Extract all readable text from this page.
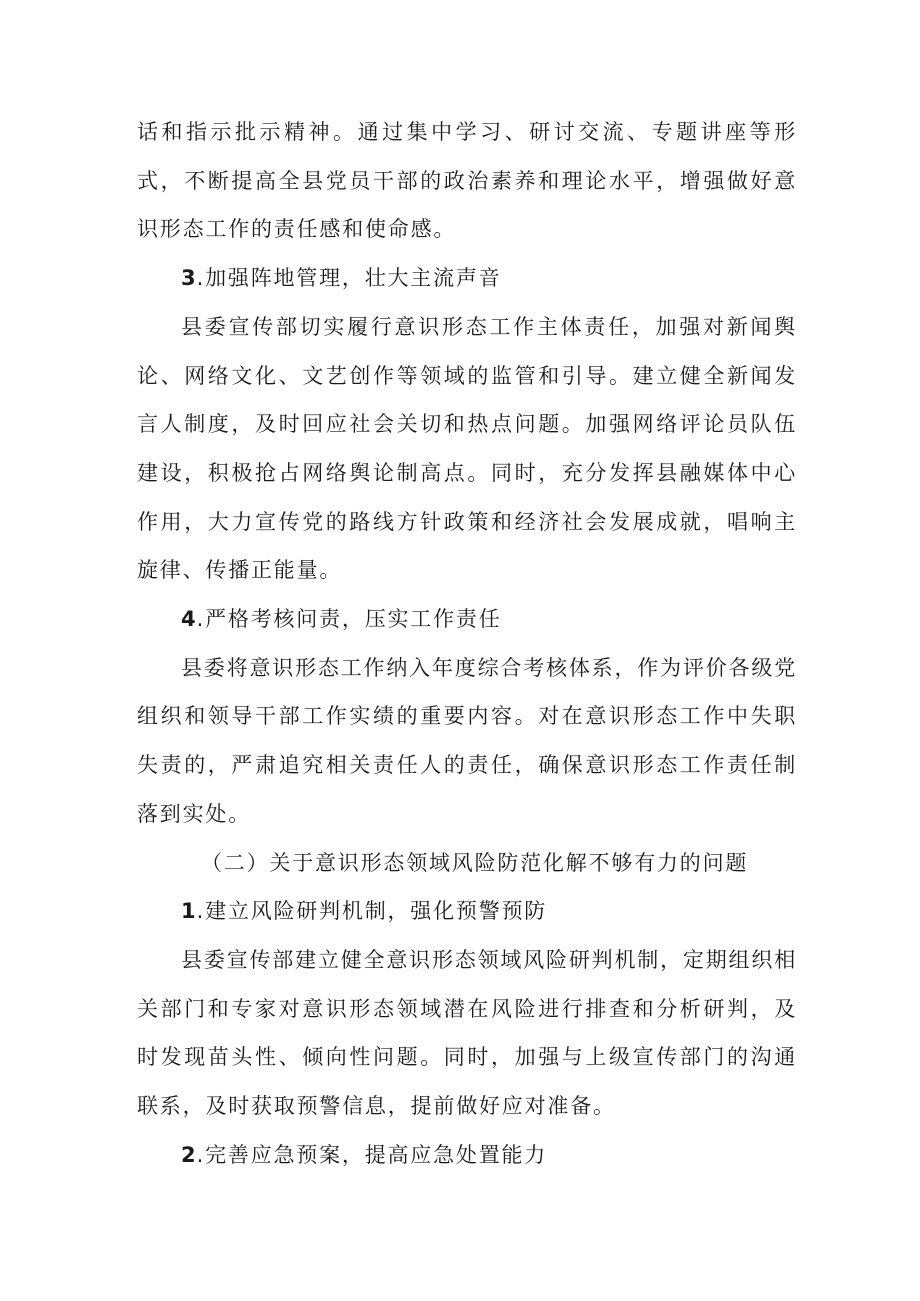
话和指示批示精神。通过集中学习、研讨交流、专题讲座等形式，不断提高全县党员干部的政治素养和理论水平，增强做好意识形态工作的责任感和使命感。

3.加强阵地管理，壮大主流声音

县委宣传部切实履行意识形态工作主体责任，加强对新闻舆论、网络文化、文艺创作等领域的监管和引导。建立健全新闻发言人制度，及时回应社会关切和热点问题。加强网络评论员队伍建设，积极抢占网络舆论制高点。同时，充分发挥县融媒体中心作用，大力宣传党的路线方针政策和经济社会发展成就，唱响主旋律、传播正能量。

4.严格考核问责，压实工作责任

县委将意识形态工作纳入年度综合考核体系，作为评价各级党组织和领导干部工作实绩的重要内容。对在意识形态工作中失职失责的，严肃追究相关责任人的责任，确保意识形态工作责任制落到实处。

（二）关于意识形态领域风险防范化解不够有力的问题

1.建立风险研判机制，强化预警预防

县委宣传部建立健全意识形态领域风险研判机制，定期组织相关部门和专家对意识形态领域潜在风险进行排查和分析研判，及时发现苗头性、倾向性问题。同时，加强与上级宣传部门的沟通联系，及时获取预警信息，提前做好应对准备。

2.完善应急预案，提高应急处置能力
